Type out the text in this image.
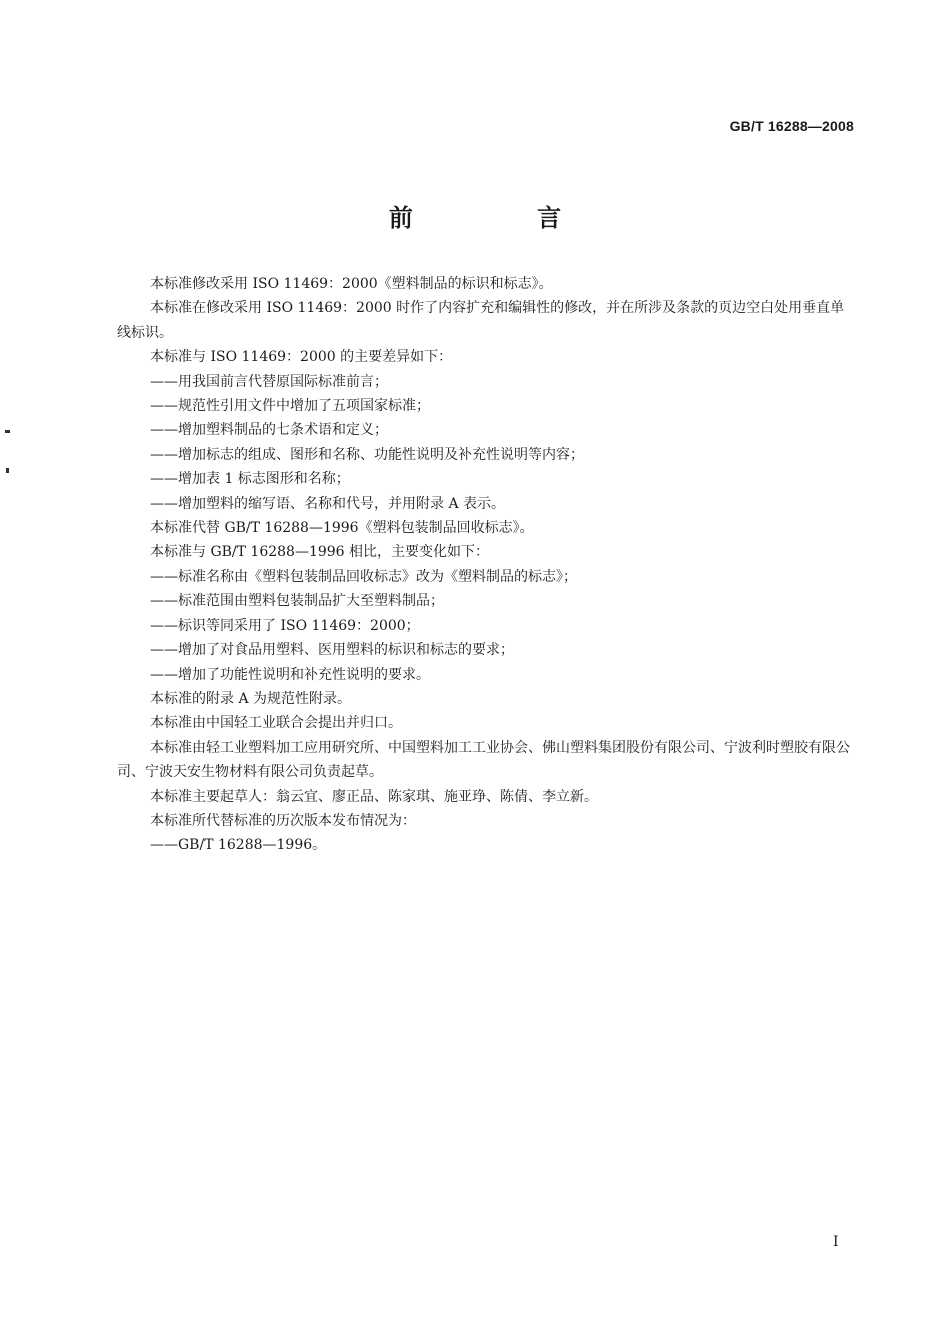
GB/T 16288—2008
前 言

本标准修改采用 ISO 11469：2000《塑料制品的标识和标志》。

本标准在修改采用 ISO 11469：2000 时作了内容扩充和编辑性的修改，并在所涉及条款的页边空白处用垂直单线标识。

本标准与 ISO 11469：2000 的主要差异如下：

——用我国前言代替原国际标准前言；

——规范性引用文件中增加了五项国家标准；

——增加塑料制品的七条术语和定义；

——增加标志的组成、图形和名称、功能性说明及补充性说明等内容；

——增加表 1 标志图形和名称；

——增加塑料的缩写语、名称和代号，并用附录 A 表示。

本标准代替 GB/T 16288—1996《塑料包装制品回收标志》。

本标准与 GB/T 16288—1996 相比，主要变化如下：

——标准名称由《塑料包装制品回收标志》改为《塑料制品的标志》；

——标准范围由塑料包装制品扩大至塑料制品；

——标识等同采用了 ISO 11469：2000；

——增加了对食品用塑料、医用塑料的标识和标志的要求；

——增加了功能性说明和补充性说明的要求。

本标准的附录 A 为规范性附录。

本标准由中国轻工业联合会提出并归口。

本标准由轻工业塑料加工应用研究所、中国塑料加工工业协会、佛山塑料集团股份有限公司、宁波利时塑胶有限公司、宁波天安生物材料有限公司负责起草。

本标准主要起草人：翁云宜、廖正品、陈家琪、施亚琤、陈倩、李立新。

本标准所代替标准的历次版本发布情况为：

——GB/T 16288—1996。

I
